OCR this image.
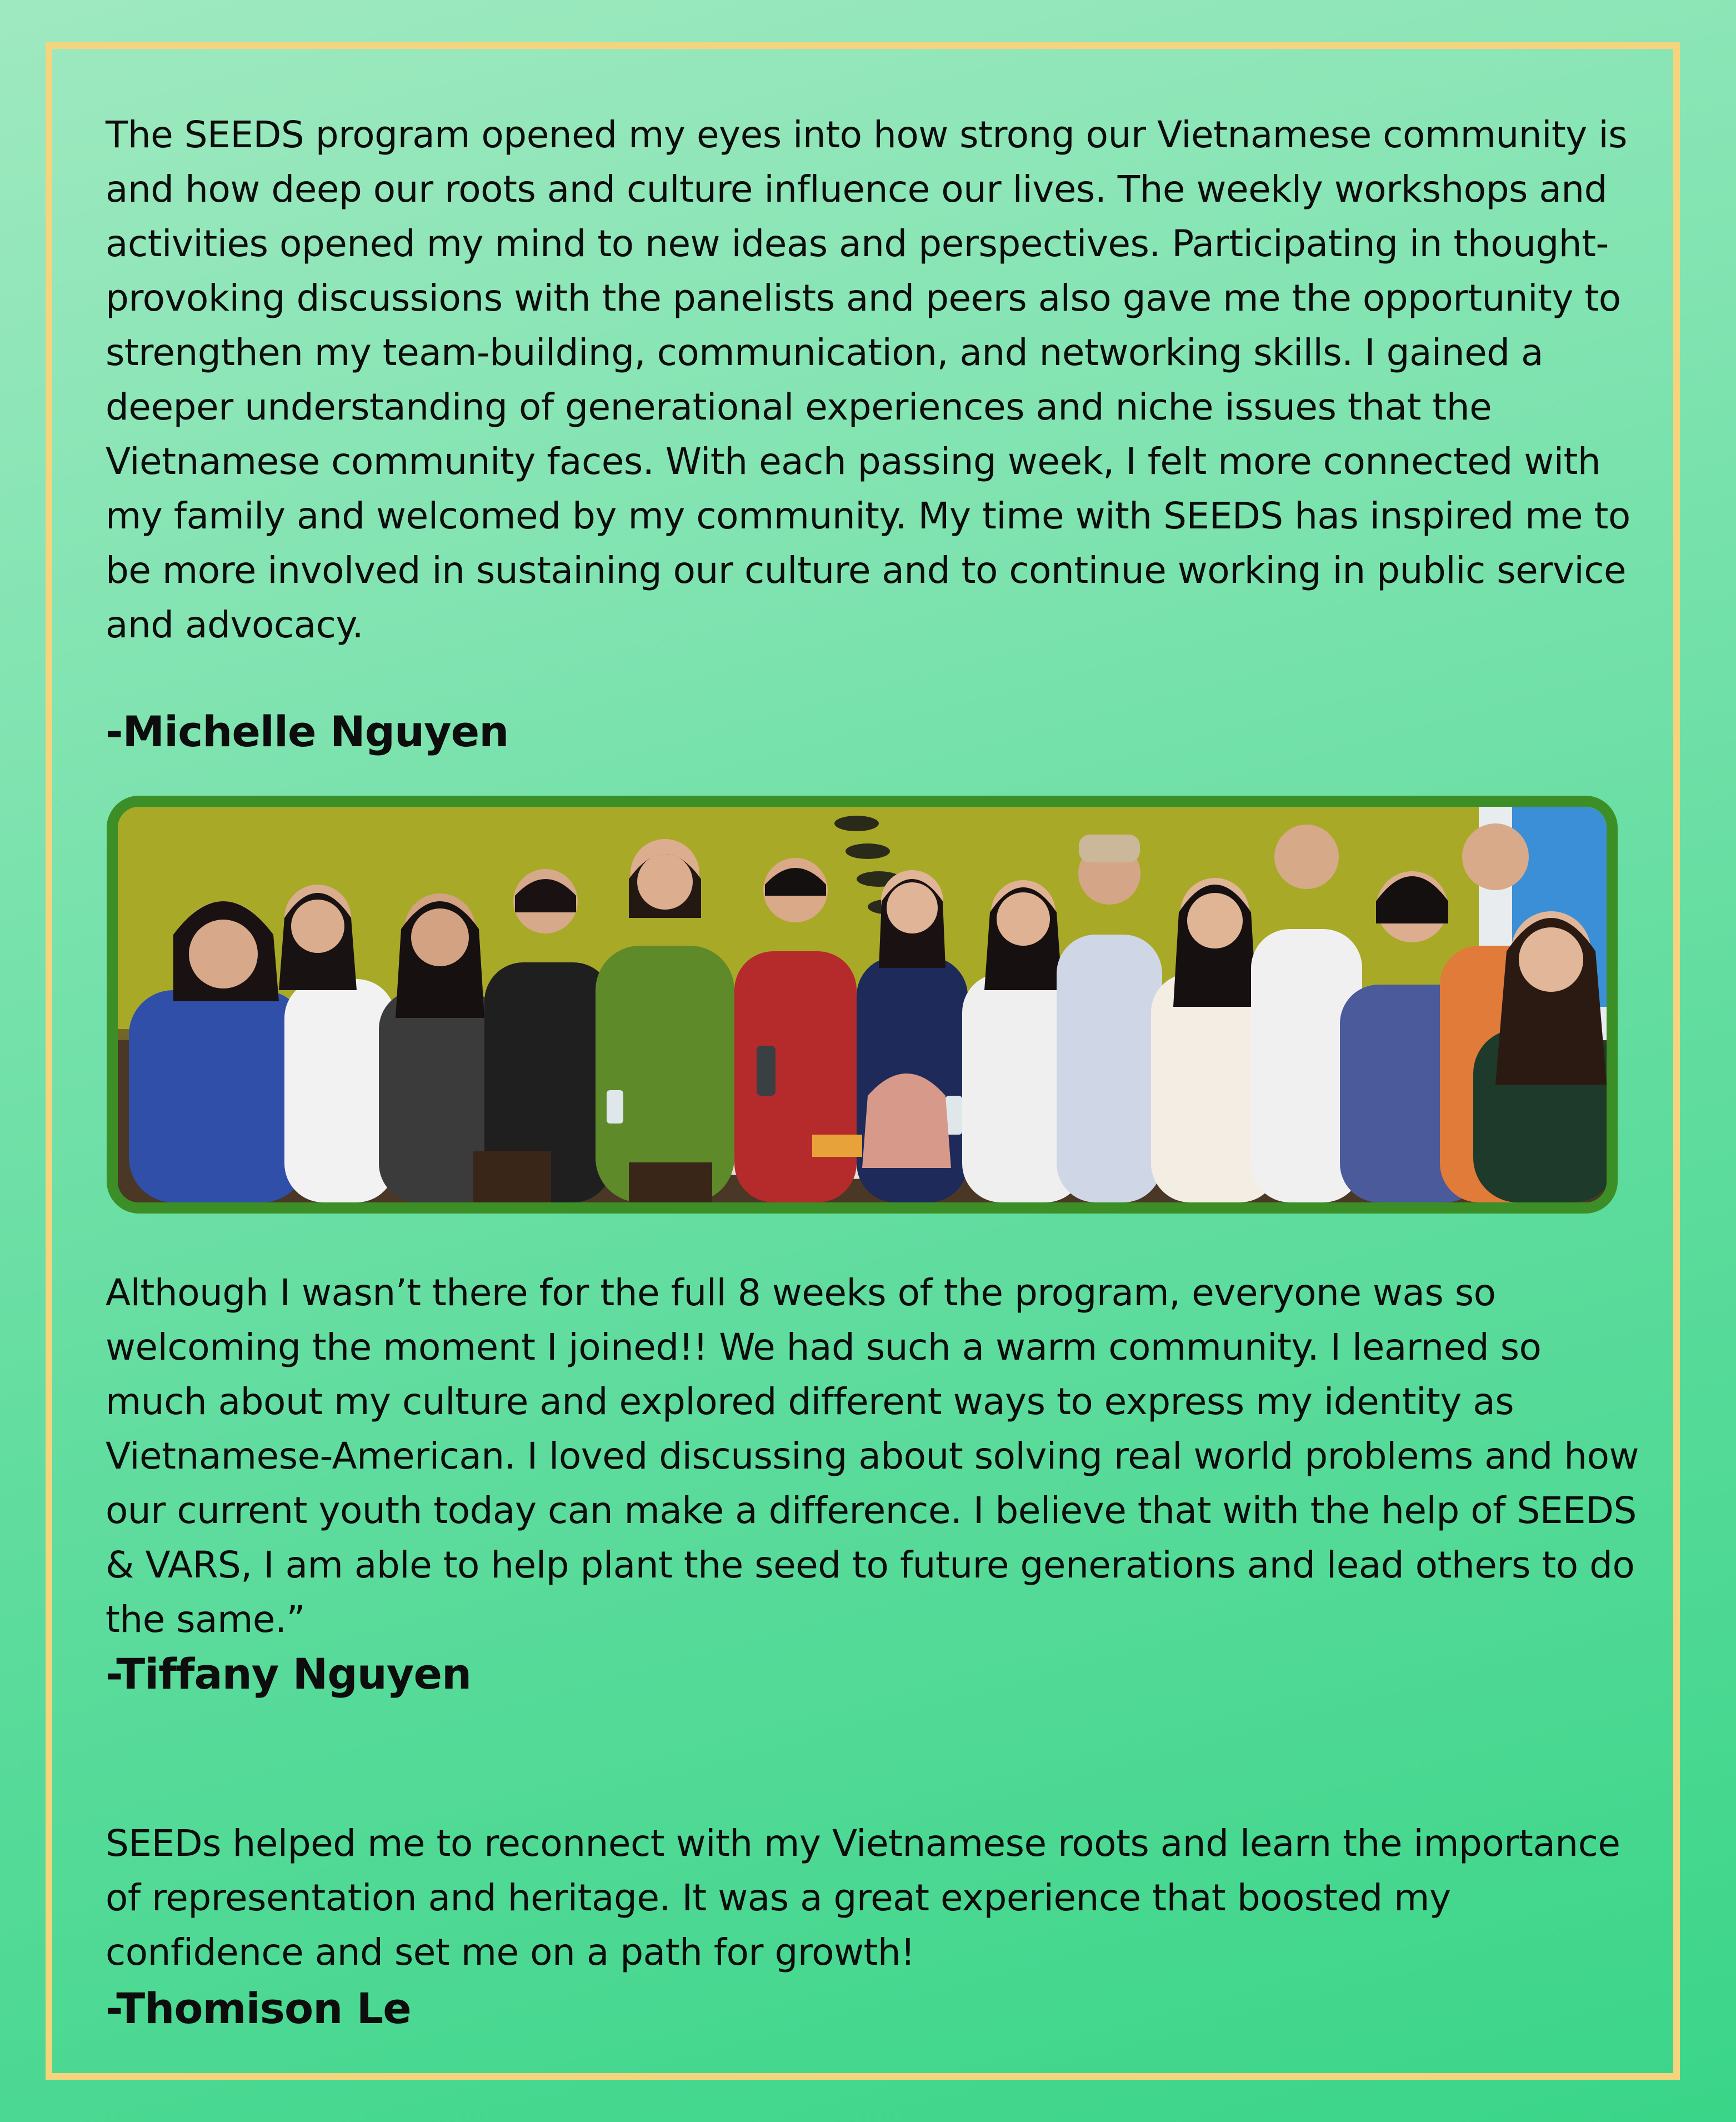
The SEEDS program opened my eyes into how strong our Vietnamese community is and how deep our roots and culture influence our lives. The weekly workshops and activities opened my mind to new ideas and perspectives. Participating in thought-provoking discussions with the panelists and peers also gave me the opportunity to strengthen my team-building, communication, and networking skills. I gained a deeper understanding of generational experiences and niche issues that the Vietnamese community faces. With each passing week, I felt more connected with my family and welcomed by my community. My time with SEEDS has inspired me to be more involved in sustaining our culture and to continue working in public service and advocacy.

-Michelle Nguyen

Although I wasn’t there for the full 8 weeks of the program, everyone was so welcoming the moment I joined!! We had such a warm community. I learned so much about my culture and explored different ways to express my identity as Vietnamese-American. I loved discussing about solving real world problems and how our current youth today can make a difference. I believe that with the help of SEEDS & VARS, I am able to help plant the seed to future generations and lead others to do the same.”

-Tiffany Nguyen

SEEDs helped me to reconnect with my Vietnamese roots and learn the importance of representation and heritage. It was a great experience that boosted my confidence and set me on a path for growth!

-Thomison Le
